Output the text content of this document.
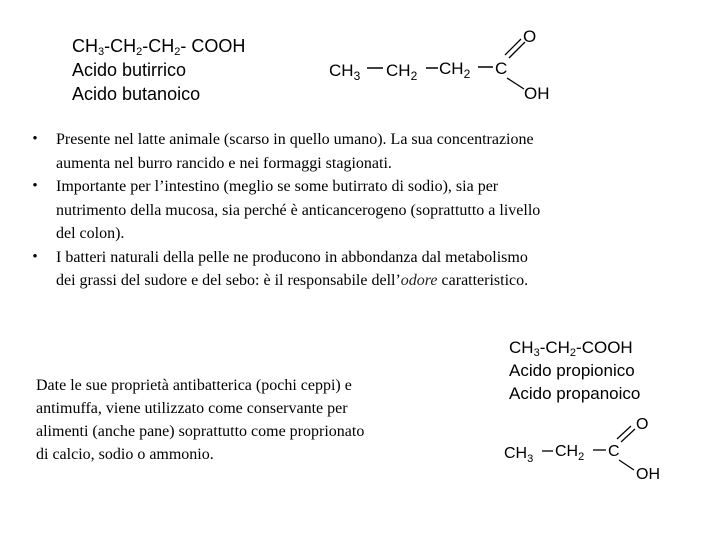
$CH_3-CH_2-CH_2-$ COOH
Acido butirrico
Acido butanoico
$CH_3$ $CH_2$ $CH_2$ C
O
OH
• Presente nel latte animale (scarso in quello umano). La sua concentrazione
aumenta nel burro rancido e nei formaggi stagionati.
• Importante per l’intestino (meglio se some butirrato di sodio), sia per
nutrimento della mucosa, sia perché è anticancerogeno (soprattutto a livello
del colon).
• I batteri naturali della pelle ne producono in abbondanza dal metabolismo
dei grassi del sudore e del sebo: è il responsabile dell’odore caratteristico.
Date le sue proprietà antibatterica (pochi ceppi) e
antimuffa, viene utilizzato come conservante per
alimenti (anche pane) soprattutto come proprionato
di calcio, sodio o ammonio.
$CH_3-CH_2$-COOH
Acido propionico
Acido propanoico
$CH_3$ $CH_2$ C
O
OH
